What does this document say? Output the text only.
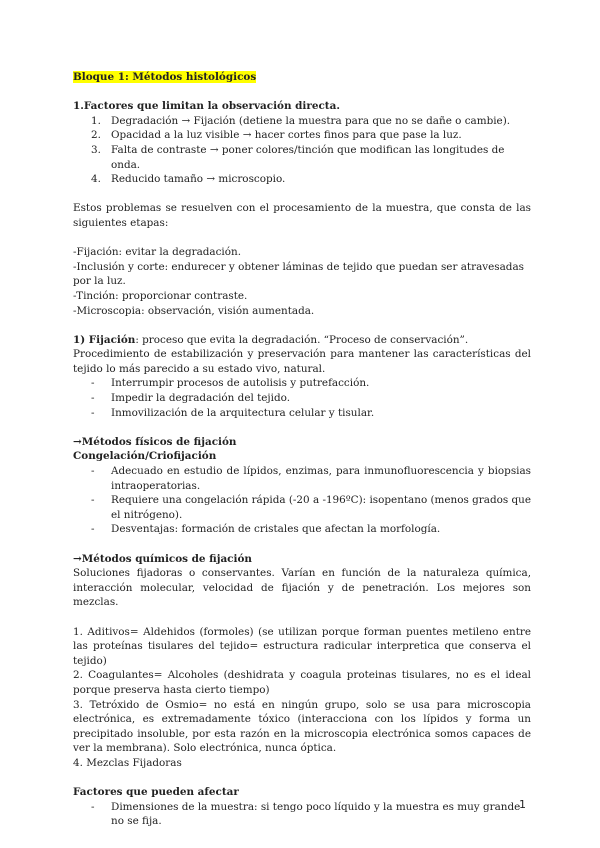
Bloque 1: Métodos histológicos

1.Factores que limitan la observación directa.

1. Degradación → Fijación (detiene la muestra para que no se dañe o cambie).
2. Opacidad a la luz visible → hacer cortes finos para que pase la luz.
3. Falta de contraste → poner colores/tinción que modifican las longitudes de onda.
4. Reducido tamaño → microscopio.

Estos problemas se resuelven con el procesamiento de la muestra, que consta de las siguientes etapas:

-Fijación: evitar la degradación.

-Inclusión y corte: endurecer y obtener láminas de tejido que puedan ser atravesadas por la luz.

-Tinción: proporcionar contraste.

-Microscopia: observación, visión aumentada.

1) Fijación: proceso que evita la degradación. “Proceso de conservación”.

Procedimiento de estabilización y preservación para mantener las características del tejido lo más parecido a su estado vivo, natural.

- Interrumpir procesos de autolisis y putrefacción.
- Impedir la degradación del tejido.
- Inmovilización de la arquitectura celular y tisular.

→Métodos físicos de fijación

Congelación/Criofijación

- Adecuado en estudio de lípidos, enzimas, para inmunofluorescencia y biopsias intraoperatorias.
- Requiere una congelación rápida (-20 a -196ºC): isopentano (menos grados que el nitrógeno).
- Desventajas: formación de cristales que afectan la morfología.

→Métodos químicos de fijación

Soluciones fijadoras o conservantes. Varían en función de la naturaleza química, interacción molecular, velocidad de fijación y de penetración. Los mejores son mezclas.

1. Aditivos= Aldehidos (formoles) (se utilizan porque forman puentes metileno entre las proteínas tisulares del tejido= estructura radicular interpretica que conserva el tejido)

2. Coagulantes= Alcoholes (deshidrata y coagula proteinas tisulares, no es el ideal porque preserva hasta cierto tiempo)

3. Tetróxido de Osmio= no está en ningún grupo, solo se usa para microscopia electrónica, es extremadamente tóxico (interacciona con los lípidos y forma un precipitado insoluble, por esta razón en la microscopia electrónica somos capaces de ver la membrana). Solo electrónica, nunca óptica.

4. Mezclas Fijadoras

Factores que pueden afectar

- Dimensiones de la muestra: si tengo poco líquido y la muestra es muy grande no se fija.
1
